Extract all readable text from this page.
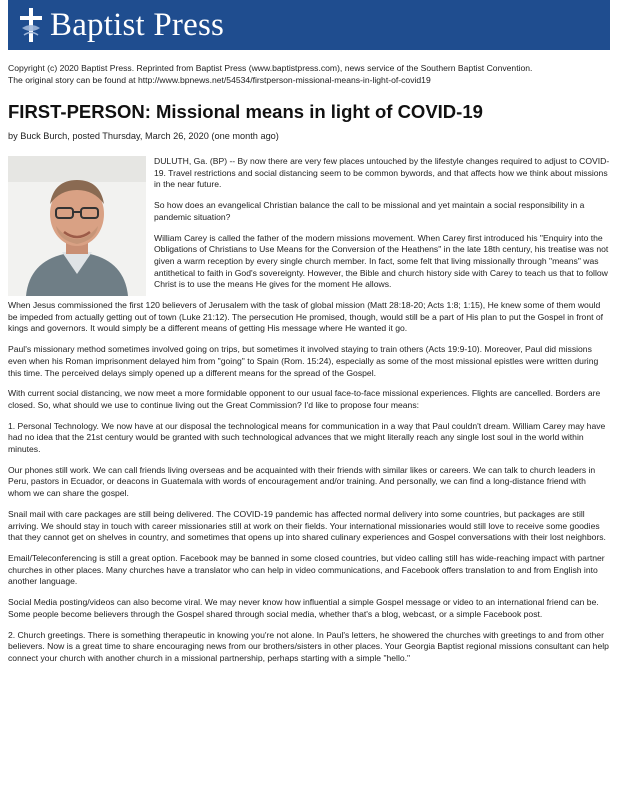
Baptist Press
Copyright (c) 2020 Baptist Press. Reprinted from Baptist Press (www.baptistpress.com), news service of the Southern Baptist Convention.
The original story can be found at http://www.bpnews.net/54534/firstperson-missional-means-in-light-of-covid19
FIRST-PERSON: Missional means in light of COVID-19
by Buck Burch, posted Thursday, March 26, 2020 (one month ago)

DULUTH, Ga. (BP) -- By now there are very few places untouched by the lifestyle changes required to adjust to COVID-19. Travel restrictions and social distancing seem to be common bywords, and that affects how we think about missions in the near future.

So how does an evangelical Christian balance the call to be missional and yet maintain a social responsibility in a pandemic situation?

William Carey is called the father of the modern missions movement. When Carey first introduced his "Enquiry into the Obligations of Christians to Use Means for the Conversion of the Heathens" in the late 18th century, his treatise was not given a warm reception by every single church member. In fact, some felt that living missionally through "means" was antithetical to faith in God's sovereignty. However, the Bible and church history side with Carey to teach us that to follow Christ is to use the means He gives for the moment He allows.

When Jesus commissioned the first 120 believers of Jerusalem with the task of global mission (Matt 28:18-20; Acts 1:8; 1:15), He knew some of them would be impeded from actually getting out of town (Luke 21:12). The persecution He promised, though, would still be a part of His plan to put the Gospel in front of kings and governors. It would simply be a different means of getting His message where He wanted it go.

Paul's missionary method sometimes involved going on trips, but sometimes it involved staying to train others (Acts 19:9-10). Moreover, Paul did missions even when his Roman imprisonment delayed him from "going" to Spain (Rom. 15:24), especially as some of the most missional epistles were written during this time. The perceived delays simply opened up a different means for the spread of the Gospel.

With current social distancing, we now meet a more formidable opponent to our usual face-to-face missional experiences. Flights are cancelled. Borders are closed. So, what should we use to continue living out the Great Commission? I'd like to propose four means:

1. Personal Technology. We now have at our disposal the technological means for communication in a way that Paul couldn't dream. William Carey may have had no idea that the 21st century would be granted with such technological advances that we might literally reach any single lost soul in the world within minutes.

Our phones still work. We can call friends living overseas and be acquainted with their friends with similar likes or careers. We can talk to church leaders in Peru, pastors in Ecuador, or deacons in Guatemala with words of encouragement and/or training. And personally, we can find a long-distance friend with whom we can share the gospel.

Snail mail with care packages are still being delivered. The COVID-19 pandemic has affected normal delivery into some countries, but packages are still arriving. We should stay in touch with career missionaries still at work on their fields. Your international missionaries would still love to receive some goodies that they cannot get on shelves in country, and sometimes that opens up into shared culinary experiences and Gospel conversations with their lost neighbors.

Email/Teleconferencing is still a great option. Facebook may be banned in some closed countries, but video calling still has wide-reaching impact with partner churches in other places. Many churches have a translator who can help in video communications, and Facebook offers translation to and from English into another language.

Social Media posting/videos can also become viral. We may never know how influential a simple Gospel message or video to an international friend can be. Some people become believers through the Gospel shared through social media, whether that's a blog, webcast, or a simple Facebook post.

2. Church greetings. There is something therapeutic in knowing you're not alone. In Paul's letters, he showered the churches with greetings to and from other believers. Now is a great time to share encouraging news from our brothers/sisters in other places. Your Georgia Baptist regional missions consultant can help connect your church with another church in a missional partnership, perhaps starting with a simple "hello."
